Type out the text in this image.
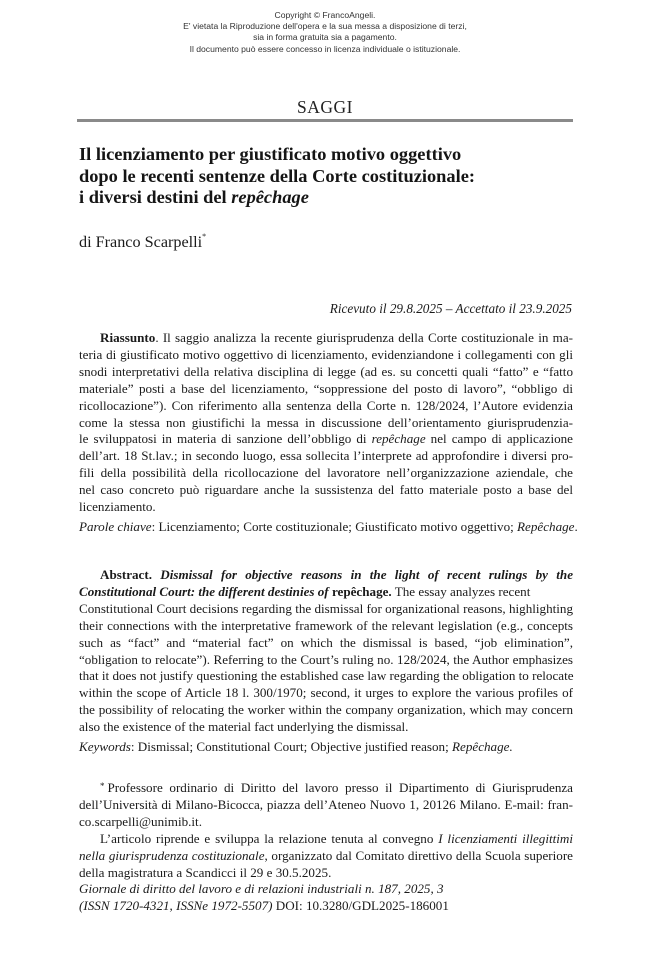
Copyright © FrancoAngeli.
E' vietata la Riproduzione dell'opera e la sua messa a disposizione di terzi,
sia in forma gratuita sia a pagamento.
Il documento può essere concesso in licenza individuale o istituzionale.
SAGGI
Il licenziamento per giustificato motivo oggettivo
dopo le recenti sentenze della Corte costituzionale:
i diversi destini del repêchage
di Franco Scarpelli*
Ricevuto il 29.8.2025 – Accettato il 23.9.2025
Riassunto. Il saggio analizza la recente giurisprudenza della Corte costituzionale in ma-
teria di giustificato motivo oggettivo di licenziamento, evidenziandone i collegamenti con gli
snodi interpretativi della relativa disciplina di legge (ad es. su concetti quali “fatto” e “fatto
materiale” posti a base del licenziamento, “soppressione del posto di lavoro”, “obbligo di
ricollocazione”). Con riferimento alla sentenza della Corte n. 128/2024, l’Autore evidenzia
come la stessa non giustifichi la messa in discussione dell’orientamento giurisprudenzia-
le sviluppatosi in materia di sanzione dell’obbligo di repêchage nel campo di applicazione
dell’art. 18 St.lav.; in secondo luogo, essa sollecita l’interprete ad approfondire i diversi pro-
fili della possibilità della ricollocazione del lavoratore nell’organizzazione aziendale, che
nel caso concreto può riguardare anche la sussistenza del fatto materiale posto a base del
licenziamento.
Parole chiave: Licenziamento; Corte costituzionale; Giustificato motivo oggettivo; Repêchage.
Abstract. Dismissal for objective reasons in the light of recent rulings by the
Constitutional Court: the different destinies of repêchage. The essay analyzes recent
Constitutional Court decisions regarding the dismissal for organizational reasons, highlighting
their connections with the interpretative framework of the relevant legislation (e.g., concepts
such as “fact” and “material fact” on which the dismissal is based, “job elimination”,
“obligation to relocate”). Referring to the Court’s ruling no. 128/2024, the Author emphasizes
that it does not justify questioning the established case law regarding the obligation to relocate
within the scope of Article 18 l. 300/1970; second, it urges to explore the various profiles of
the possibility of relocating the worker within the company organization, which may concern
also the existence of the material fact underlying the dismissal.
Keywords: Dismissal; Constitutional Court; Objective justified reason; Repêchage.
* Professore ordinario di Diritto del lavoro presso il Dipartimento di Giurisprudenza
dell’Università di Milano-Bicocca, piazza dell’Ateneo Nuovo 1, 20126 Milano. E-mail: fran-
co.scarpelli@unimib.it.
L’articolo riprende e sviluppa la relazione tenuta al convegno I licenziamenti illegittimi
nella giurisprudenza costituzionale, organizzato dal Comitato direttivo della Scuola superiore
della magistratura a Scandicci il 29 e 30.5.2025.
Giornale di diritto del lavoro e di relazioni industriali n. 187, 2025, 3
(ISSN 1720-4321, ISSNe 1972-5507) DOI: 10.3280/GDL2025-186001
